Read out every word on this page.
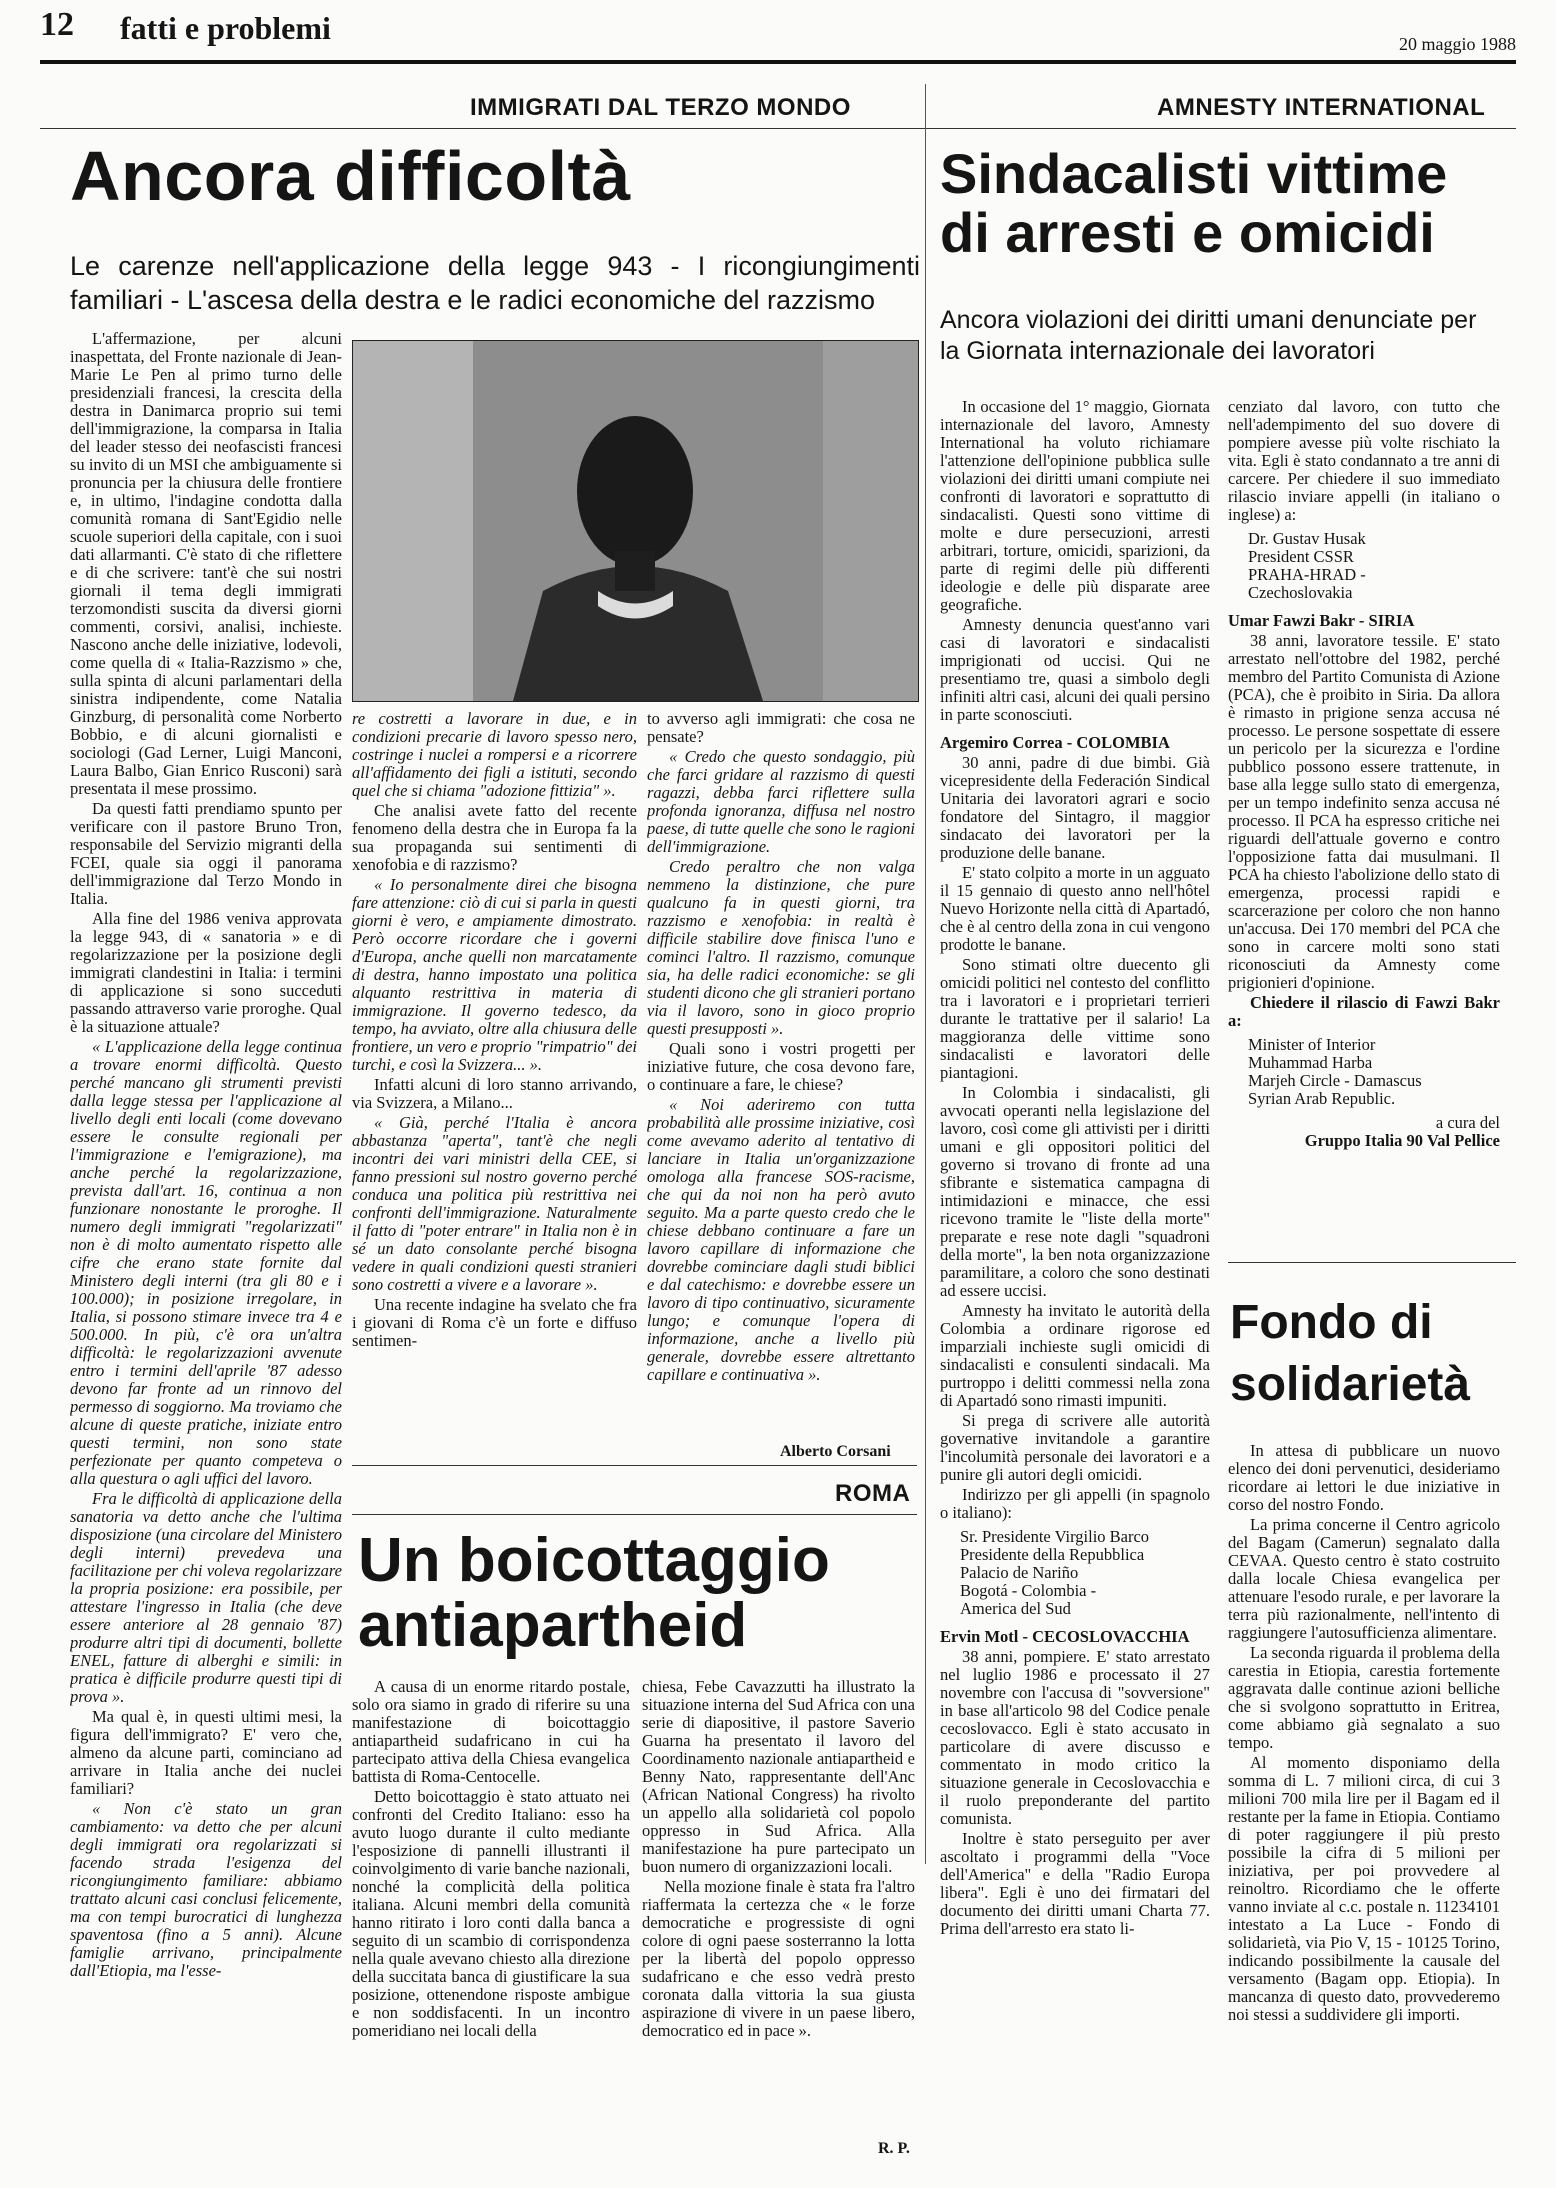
12 fatti e problemi	20 maggio 1988
IMMIGRATI DAL TERZO MONDO	AMNESTY INTERNATIONAL
Ancora difficoltà

Le carenze nell'applicazione della legge 943 - I ricongiungimenti familiari - L'ascesa della destra e le radici economiche del razzismo

L'affermazione, per alcuni inaspettata, del Fronte nazionale di Jean-Marie Le Pen al primo turno delle presidenziali francesi, la crescita della destra in Danimarca proprio sui temi dell'immigrazione, la comparsa in Italia del leader stesso dei neofascisti francesi su invito di un MSI che ambiguamente si pronuncia per la chiusura delle frontiere e, in ultimo, l'indagine condotta dalla comunità romana di Sant'Egidio nelle scuole superiori della capitale, con i suoi dati allarmanti. C'è stato di che riflettere e di che scrivere: tant'è che sui nostri giornali il tema degli immigrati terzomondisti suscita da diversi giorni commenti, corsivi, analisi, inchieste. Nascono anche delle iniziative, lodevoli, come quella di « Italia-Razzismo » che, sulla spinta di alcuni parlamentari della sinistra indipendente, come Natalia Ginzburg, di personalità come Norberto Bobbio, e di alcuni giornalisti e sociologi (Gad Lerner, Luigi Manconi, Laura Balbo, Gian Enrico Rusconi) sarà presentata il mese prossimo.

Da questi fatti prendiamo spunto per verificare con il pastore Bruno Tron, responsabile del Servizio migranti della FCEI, quale sia oggi il panorama dell'immigrazione dal Terzo Mondo in Italia.

Alla fine del 1986 veniva approvata la legge 943, di « sanatoria » e di regolarizzazione per la posizione degli immigrati clandestini in Italia: i termini di applicazione si sono succeduti passando attraverso varie proroghe. Qual è la situazione attuale?

« L'applicazione della legge continua a trovare enormi difficoltà. Questo perché mancano gli strumenti previsti dalla legge stessa per l'applicazione al livello degli enti locali (come dovevano essere le consulte regionali per l'immigrazione e l'emigrazione), ma anche perché la regolarizzazione, prevista dall'art. 16, continua a non funzionare nonostante le proroghe. Il numero degli immigrati "regolarizzati" non è di molto aumentato rispetto alle cifre che erano state fornite dal Ministero degli interni (tra gli 80 e i 100.000); in posizione irregolare, in Italia, si possono stimare invece tra 4 e 500.000. In più, c'è ora un'altra difficoltà: le regolarizzazioni avvenute entro i termini dell'aprile '87 adesso devono far fronte ad un rinnovo del permesso di soggiorno. Ma troviamo che alcune di queste pratiche, iniziate entro questi termini, non sono state perfezionate per quanto competeva o alla questura o agli uffici del lavoro.

Fra le difficoltà di applicazione della sanatoria va detto anche che l'ultima disposizione (una circolare del Ministero degli interni) prevedeva una facilitazione per chi voleva regolarizzare la propria posizione: era possibile, per attestare l'ingresso in Italia (che deve essere anteriore al 28 gennaio '87) produrre altri tipi di documenti, bollette ENEL, fatture di alberghi e simili: in pratica è difficile produrre questi tipi di prova ».

Ma qual è, in questi ultimi mesi, la figura dell'immigrato? E' vero che, almeno da alcune parti, cominciano ad arrivare in Italia anche dei nuclei familiari?

« Non c'è stato un gran cambiamento: va detto che per alcuni degli immigrati ora regolarizzati si facendo strada l'esigenza del ricongiungimento familiare: abbiamo trattato alcuni casi conclusi felicemente, ma con tempi burocratici di lunghezza spaventosa (fino a 5 anni). Alcune famiglie arrivano, principalmente dall'Etiopia, ma l'esse-

re costretti a lavorare in due, e in condizioni precarie di lavoro spesso nero, costringe i nuclei a rompersi e a ricorrere all'affidamento dei figli a istituti, secondo quel che si chiama "adozione fittizia" ».

Che analisi avete fatto del recente fenomeno della destra che in Europa fa la sua propaganda sui sentimenti di xenofobia e di razzismo?

« Io personalmente direi che bisogna fare attenzione: ciò di cui si parla in questi giorni è vero, e ampiamente dimostrato. Però occorre ricordare che i governi d'Europa, anche quelli non marcatamente di destra, hanno impostato una politica alquanto restrittiva in materia di immigrazione. Il governo tedesco, da tempo, ha avviato, oltre alla chiusura delle frontiere, un vero e proprio "rimpatrio" dei turchi, e così la Svizzera... ».

Infatti alcuni di loro stanno arrivando, via Svizzera, a Milano...

« Già, perché l'Italia è ancora abbastanza "aperta", tant'è che negli incontri dei vari ministri della CEE, si fanno pressioni sul nostro governo perché conduca una politica più restrittiva nei confronti dell'immigrazione. Naturalmente il fatto di "poter entrare" in Italia non è in sé un dato consolante perché bisogna vedere in quali condizioni questi stranieri sono costretti a vivere e a lavorare ».

Una recente indagine ha svelato che fra i giovani di Roma c'è un forte e diffuso sentimen-

to avverso agli immigrati: che cosa ne pensate?

« Credo che questo sondaggio, più che farci gridare al razzismo di questi ragazzi, debba farci riflettere sulla profonda ignoranza, diffusa nel nostro paese, di tutte quelle che sono le ragioni dell'immigrazione.

Credo peraltro che non valga nemmeno la distinzione, che pure qualcuno fa in questi giorni, tra razzismo e xenofobia: in realtà è difficile stabilire dove finisca l'uno e cominci l'altro. Il razzismo, comunque sia, ha delle radici economiche: se gli studenti dicono che gli stranieri portano via il lavoro, sono in gioco proprio questi presupposti ».

Quali sono i vostri progetti per iniziative future, che cosa devono fare, o continuare a fare, le chiese?

« Noi aderiremo con tutta probabilità alle prossime iniziative, così come avevamo aderito al tentativo di lanciare in Italia un'organizzazione omologa alla francese SOS-racisme, che qui da noi non ha però avuto seguito. Ma a parte questo credo che le chiese debbano continuare a fare un lavoro capillare di informazione che dovrebbe cominciare dagli studi biblici e dal catechismo: e dovrebbe essere un lavoro di tipo continuativo, sicuramente lungo; e comunque l'opera di informazione, anche a livello più generale, dovrebbe essere altrettanto capillare e continuativa ».

Alberto Corsani
ROMA
Un boicottaggio
antiapartheid

A causa di un enorme ritardo postale, solo ora siamo in grado di riferire su una manifestazione di boicottaggio antiapartheid sudafricano in cui ha partecipato attiva della Chiesa evangelica battista di Roma-Centocelle.

Detto boicottaggio è stato attuato nei confronti del Credito Italiano: esso ha avuto luogo durante il culto mediante l'esposizione di pannelli illustranti il coinvolgimento di varie banche nazionali, nonché la complicità della politica italiana. Alcuni membri della comunità hanno ritirato i loro conti dalla banca a seguito di un scambio di corrispondenza nella quale avevano chiesto alla direzione della succitata banca di giustificare la sua posizione, ottenendone risposte ambigue e non soddisfacenti. In un incontro pomeridiano nei locali della

chiesa, Febe Cavazzutti ha illustrato la situazione interna del Sud Africa con una serie di diapositive, il pastore Saverio Guarna ha presentato il lavoro del Coordinamento nazionale antiapartheid e Benny Nato, rappresentante dell'Anc (African National Congress) ha rivolto un appello alla solidarietà col popolo oppresso in Sud Africa. Alla manifestazione ha pure partecipato un buon numero di organizzazioni locali.

Nella mozione finale è stata fra l'altro riaffermata la certezza che « le forze democratiche e progressiste di ogni colore di ogni paese sosterranno la lotta per la libertà del popolo oppresso sudafricano e che esso vedrà presto coronata dalla vittoria la sua giusta aspirazione di vivere in un paese libero, democratico ed in pace ».

R. P.
Sindacalisti vittime
di arresti e omicidi

Ancora violazioni dei diritti umani denunciate per la Giornata internazionale dei lavoratori

In occasione del 1° maggio, Giornata internazionale del lavoro, Amnesty International ha voluto richiamare l'attenzione dell'opinione pubblica sulle violazioni dei diritti umani compiute nei confronti di lavoratori e soprattutto di sindacalisti. Questi sono vittime di molte e dure persecuzioni, arresti arbitrari, torture, omicidi, sparizioni, da parte di regimi delle più differenti ideologie e delle più disparate aree geografiche.

Amnesty denuncia quest'anno vari casi di lavoratori e sindacalisti imprigionati od uccisi. Qui ne presentiamo tre, quasi a simbolo degli infiniti altri casi, alcuni dei quali persino in parte sconosciuti.

Argemiro Correa - COLOMBIA

30 anni, padre di due bimbi. Già vicepresidente della Federación Sindical Unitaria dei lavoratori agrari e socio fondatore del Sintagro, il maggior sindacato dei lavoratori per la produzione delle banane.

E' stato colpito a morte in un agguato il 15 gennaio di questo anno nell'hôtel Nuevo Horizonte nella città di Apartadó, che è al centro della zona in cui vengono prodotte le banane.

Sono stimati oltre duecento gli omicidi politici nel contesto del conflitto tra i lavoratori e i proprietari terrieri durante le trattative per il salario! La maggioranza delle vittime sono sindacalisti e lavoratori delle piantagioni.

In Colombia i sindacalisti, gli avvocati operanti nella legislazione del lavoro, così come gli attivisti per i diritti umani e gli oppositori politici del governo si trovano di fronte ad una sfibrante e sistematica campagna di intimidazioni e minacce, che essi ricevono tramite le "liste della morte" preparate e rese note dagli "squadroni della morte", la ben nota organizzazione paramilitare, a coloro che sono destinati ad essere uccisi.

Amnesty ha invitato le autorità della Colombia a ordinare rigorose ed imparziali inchieste sugli omicidi di sindacalisti e consulenti sindacali. Ma purtroppo i delitti commessi nella zona di Apartadó sono rimasti impuniti.

Si prega di scrivere alle autorità governative invitandole a garantire l'incolumità personale dei lavoratori e a punire gli autori degli omicidi.

Indirizzo per gli appelli (in spagnolo o italiano):

Sr. Presidente Virgilio Barco
Presidente della Repubblica
Palacio de Nariño
Bogotá - Colombia -
America del Sud

Ervin Motl - CECOSLOVACCHIA

38 anni, pompiere. E' stato arrestato nel luglio 1986 e processato il 27 novembre con l'accusa di "sovversione" in base all'articolo 98 del Codice penale cecoslovacco. Egli è stato accusato in particolare di avere discusso e commentato in modo critico la situazione generale in Cecoslovacchia e il ruolo preponderante del partito comunista.

Inoltre è stato perseguito per aver ascoltato i programmi della "Voce dell'America" e della "Radio Europa libera". Egli è uno dei firmatari del documento dei diritti umani Charta 77. Prima dell'arresto era stato li-

cenziato dal lavoro, con tutto che nell'adempimento del suo dovere di pompiere avesse più volte rischiato la vita. Egli è stato condannato a tre anni di carcere. Per chiedere il suo immediato rilascio inviare appelli (in italiano o inglese) a:

Dr. Gustav Husak
President CSSR
PRAHA-HRAD -
Czechoslovakia

Umar Fawzi Bakr - SIRIA

38 anni, lavoratore tessile. E' stato arrestato nell'ottobre del 1982, perché membro del Partito Comunista di Azione (PCA), che è proibito in Siria. Da allora è rimasto in prigione senza accusa né processo. Le persone sospettate di essere un pericolo per la sicurezza e l'ordine pubblico possono essere trattenute, in base alla legge sullo stato di emergenza, per un tempo indefinito senza accusa né processo. Il PCA ha espresso critiche nei riguardi dell'attuale governo e contro l'opposizione fatta dai musulmani. Il PCA ha chiesto l'abolizione dello stato di emergenza, processi rapidi e scarcerazione per coloro che non hanno un'accusa. Dei 170 membri del PCA che sono in carcere molti sono stati riconosciuti da Amnesty come prigionieri d'opinione.

Chiedere il rilascio di Fawzi Bakr a:

Minister of Interior
Muhammad Harba
Marjeh Circle - Damascus
Syrian Arab Republic.
a cura del
Gruppo Italia 90 Val Pellice
Fondo di
solidarietà

In attesa di pubblicare un nuovo elenco dei doni pervenutici, desideriamo ricordare ai lettori le due iniziative in corso del nostro Fondo.

La prima concerne il Centro agricolo del Bagam (Camerun) segnalato dalla CEVAA. Questo centro è stato costruito dalla locale Chiesa evangelica per attenuare l'esodo rurale, e per lavorare la terra più razionalmente, nell'intento di raggiungere l'autosufficienza alimentare.

La seconda riguarda il problema della carestia in Etiopia, carestia fortemente aggravata dalle continue azioni belliche che si svolgono soprattutto in Eritrea, come abbiamo già segnalato a suo tempo.

Al momento disponiamo della somma di L. 7 milioni circa, di cui 3 milioni 700 mila lire per il Bagam ed il restante per la fame in Etiopia. Contiamo di poter raggiungere il più presto possibile la cifra di 5 milioni per iniziativa, per poi provvedere al reinoltro. Ricordiamo che le offerte vanno inviate al c.c. postale n. 11234101 intestato a La Luce - Fondo di solidarietà, via Pio V, 15 - 10125 Torino, indicando possibilmente la causale del versamento (Bagam opp. Etiopia). In mancanza di questo dato, provvederemo noi stessi a suddividere gli importi.
